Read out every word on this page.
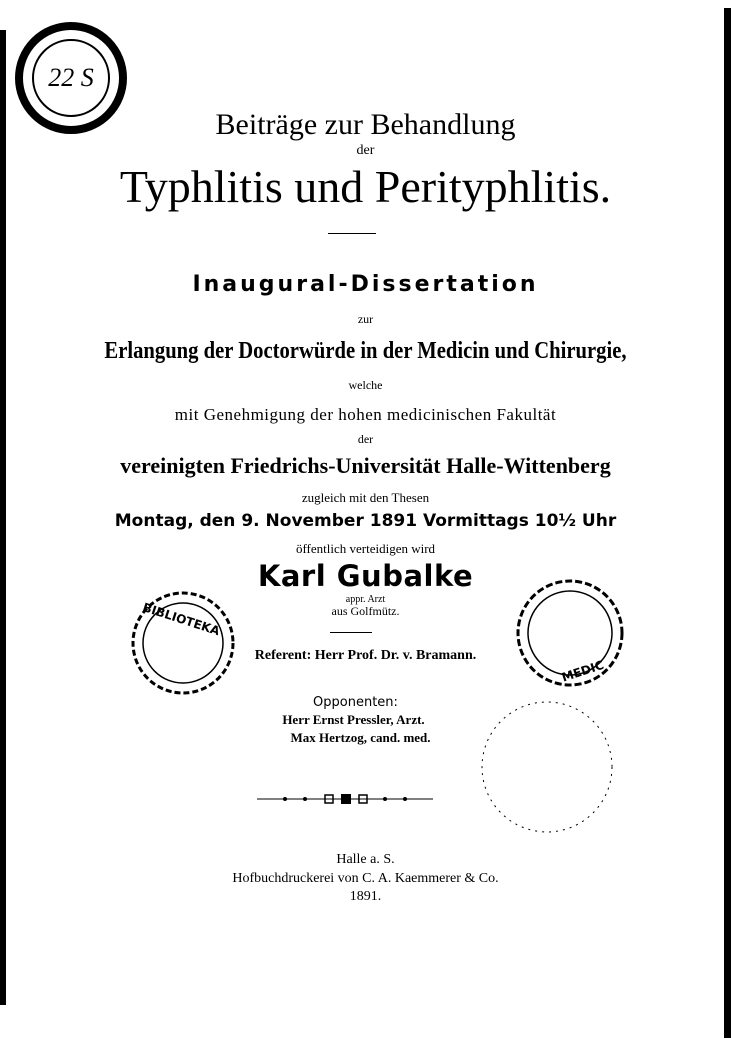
22 S
BIBLIOTEKA
MEDIC
Beiträge zur Behandlung
der
Typhlitis und Perityphlitis.
Inaugural-Dissertation
zur
Erlangung der Doctorwürde in der Medicin und Chirurgie,
welche
mit Genehmigung der hohen medicinischen Fakultät
der
vereinigten Friedrichs-Universität Halle-Wittenberg
zugleich mit den Thesen
Montag, den 9. November 1891 Vormittags 10½ Uhr
öffentlich verteidigen wird
Karl Gubalke
appr. Arzt
aus Golfmütz.
Referent: Herr Prof. Dr. v. Bramann.
Opponenten:
Herr Ernst Pressler, Arzt.
Max Hertzog, cand. med.
Halle a. S.
Hofbuchdruckerei von C. A. Kaemmerer & Co.
1891.
